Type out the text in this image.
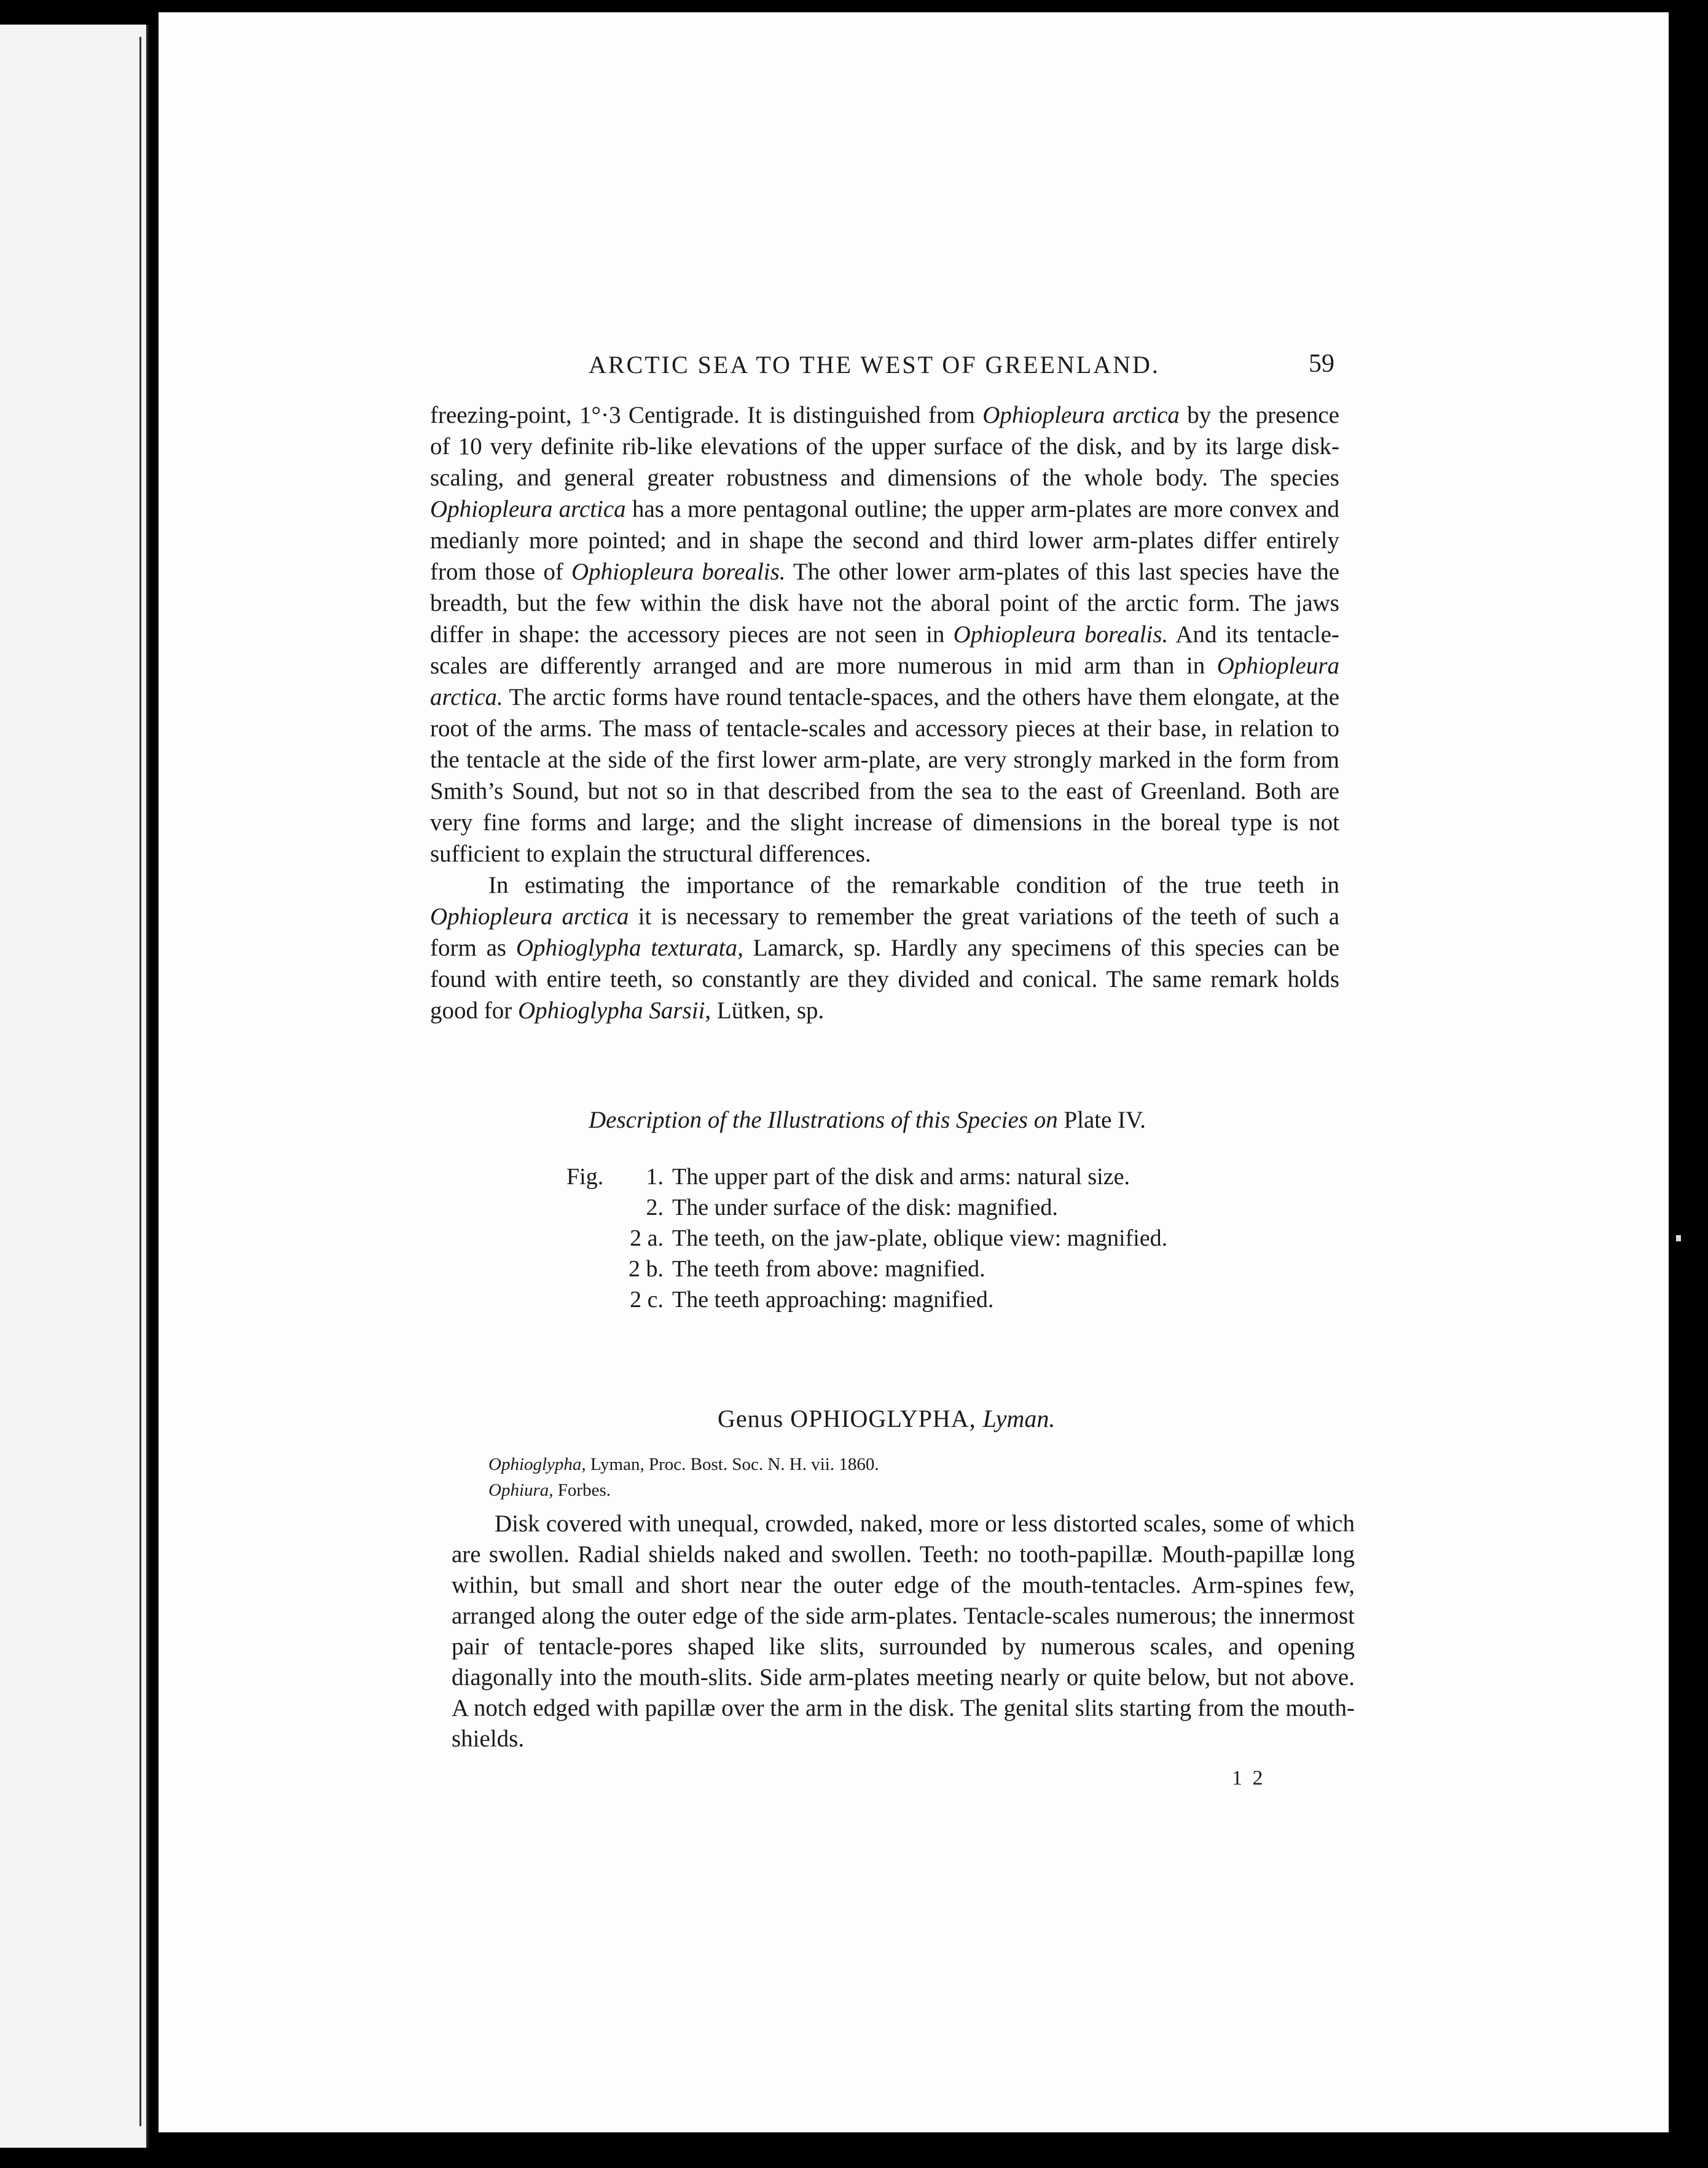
ARCTIC SEA TO THE WEST OF GREENLAND.	59

freezing-point, 1°·3 Centigrade. It is distinguished from Ophiopleura arctica by the presence of 10 very definite rib-like elevations of the upper surface of the disk, and by its large disk-scaling, and general greater robustness and dimensions of the whole body. The species Ophiopleura arctica has a more pentagonal outline; the upper arm-plates are more convex and medianly more pointed; and in shape the second and third lower arm-plates differ entirely from those of Ophiopleura borealis. The other lower arm-plates of this last species have the breadth, but the few within the disk have not the aboral point of the arctic form. The jaws differ in shape: the accessory pieces are not seen in Ophiopleura borealis. And its tentacle-scales are differently arranged and are more numerous in mid arm than in Ophiopleura arctica. The arctic forms have round tentacle-spaces, and the others have them elongate, at the root of the arms. The mass of tentacle-scales and accessory pieces at their base, in relation to the tentacle at the side of the first lower arm-plate, are very strongly marked in the form from Smith’s Sound, but not so in that described from the sea to the east of Greenland. Both are very fine forms and large; and the slight increase of dimensions in the boreal type is not sufficient to explain the structural differences.

In estimating the importance of the remarkable condition of the true teeth in Ophiopleura arctica it is necessary to remember the great variations of the teeth of such a form as Ophioglypha texturata, Lamarck, sp. Hardly any specimens of this species can be found with entire teeth, so constantly are they divided and conical. The same remark holds good for Ophioglypha Sarsii, Lütken, sp.

Description of the Illustrations of this Species on Plate IV.
Fig. 1. The upper part of the disk and arms: natural size.
2. The under surface of the disk: magnified.
2 a. The teeth, on the jaw-plate, oblique view: magnified.
2 b. The teeth from above: magnified.
2 c. The teeth approaching: magnified.
Genus OPHIOGLYPHA, Lyman.
Ophioglypha, Lyman, Proc. Bost. Soc. N. H. vii. 1860.
Ophiura, Forbes.

Disk covered with unequal, crowded, naked, more or less distorted scales, some of which are swollen. Radial shields naked and swollen. Teeth: no tooth-papillæ. Mouth-papillæ long within, but small and short near the outer edge of the mouth-tentacles. Arm-spines few, arranged along the outer edge of the side arm-plates. Tentacle-scales numerous; the innermost pair of tentacle-pores shaped like slits, surrounded by numerous scales, and opening diagonally into the mouth-slits. Side arm-plates meeting nearly or quite below, but not above. A notch edged with papillæ over the arm in the disk. The genital slits starting from the mouth-shields.

1 2
